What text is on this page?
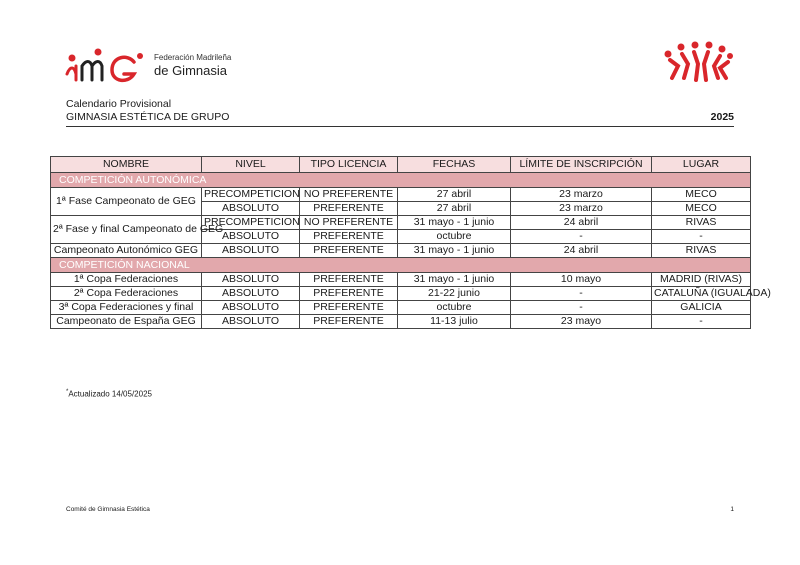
Federación Madrileña
de Gimnasia
Calendario Provisional
GIMNASIA ESTÉTICA DE GRUPO	2025
NOMBRE	NIVEL	TIPO LICENCIA	FECHAS	LÍMITE DE INSCRIPCIÓN	LUGAR
COMPETICIÓN AUTONÓMICA					
1ª Fase Campeonato de GEG	PRECOMPETICION	NO PREFERENTE	27 abril	23 marzo	MECO
	ABSOLUTO	PREFERENTE	27 abril	23 marzo	MECO
2ª Fase y final Campeonato de GEG	PRECOMPETICION	NO PREFERENTE	31 mayo - 1 junio	24 abril	RIVAS
	ABSOLUTO	PREFERENTE	octubre	-	-
Campeonato Autonómico GEG	ABSOLUTO	PREFERENTE	31 mayo - 1 junio	24 abril	RIVAS
COMPETICIÓN NACIONAL					
1ª Copa Federaciones	ABSOLUTO	PREFERENTE	31 mayo - 1 junio	10 mayo	MADRID (RIVAS)
2ª Copa Federaciones	ABSOLUTO	PREFERENTE	21-22 junio	-	CATALUÑA (IGUALADA)
3ª Copa Federaciones y final	ABSOLUTO	PREFERENTE	octubre	-	GALICIA
Campeonato de España GEG	ABSOLUTO	PREFERENTE	11-13 julio	23 mayo	-
*Actualizado 14/05/2025
Comité de Gimnasia Estética	1
